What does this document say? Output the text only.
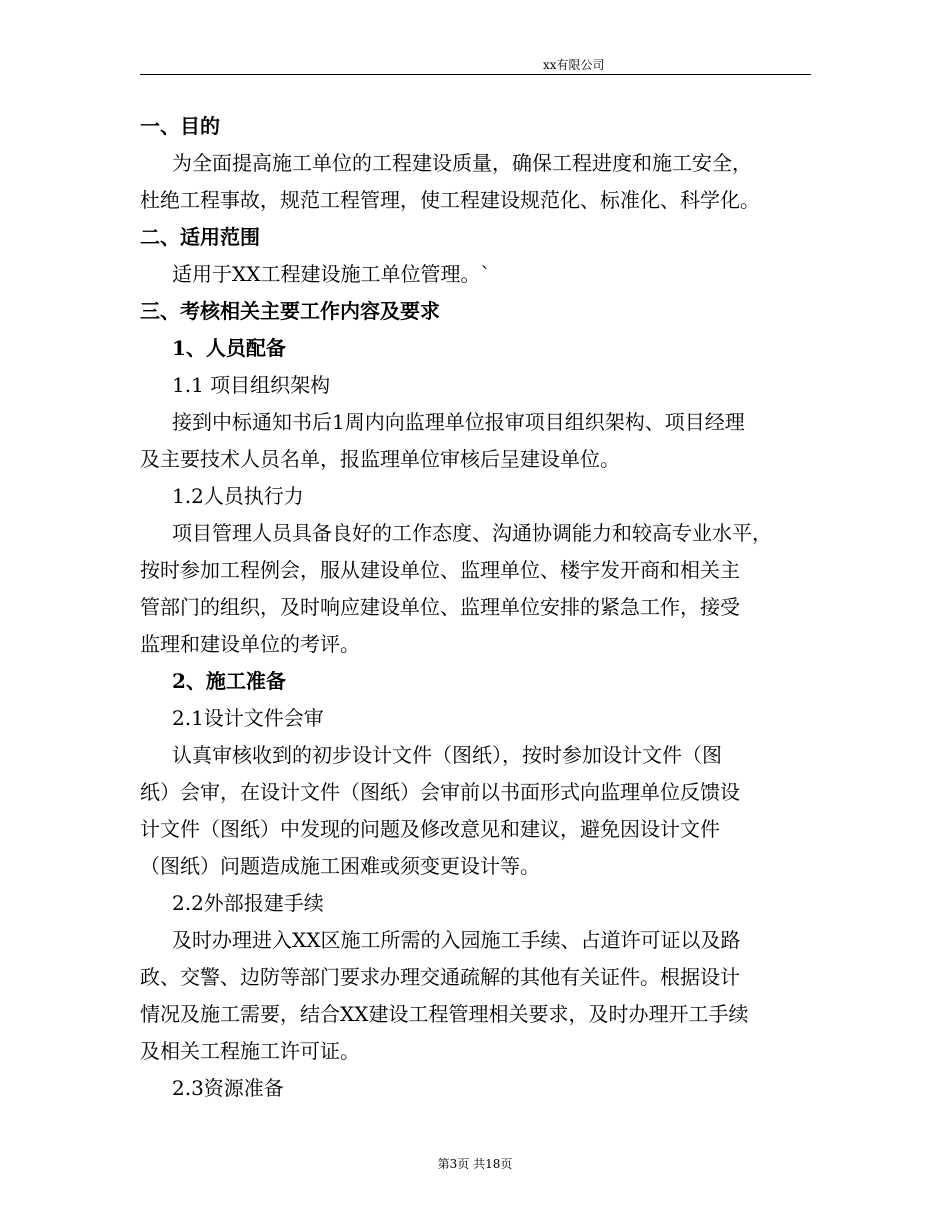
xx有限公司

一、目的

为全面提高施工单位的工程建设质量，确保工程进度和施工安全，

杜绝工程事故，规范工程管理，使工程建设规范化、标准化、科学化。

二、适用范围

适用于XX工程建设施工单位管理。`

三、考核相关主要工作内容及要求

1、人员配备

1.1 项目组织架构

接到中标通知书后1周内向监理单位报审项目组织架构、项目经理

及主要技术人员名单，报监理单位审核后呈建设单位。

1.2人员执行力

项目管理人员具备良好的工作态度、沟通协调能力和较高专业水平，

按时参加工程例会，服从建设单位、监理单位、楼宇发开商和相关主

管部门的组织，及时响应建设单位、监理单位安排的紧急工作，接受

监理和建设单位的考评。

2、施工准备

2.1设计文件会审

认真审核收到的初步设计文件（图纸），按时参加设计文件（图

纸）会审，在设计文件（图纸）会审前以书面形式向监理单位反馈设

计文件（图纸）中发现的问题及修改意见和建议，避免因设计文件

（图纸）问题造成施工困难或须变更设计等。

2.2外部报建手续

及时办理进入XX区施工所需的入园施工手续、占道许可证以及路

政、交警、边防等部门要求办理交通疏解的其他有关证件。根据设计

情况及施工需要，结合XX建设工程管理相关要求，及时办理开工手续

及相关工程施工许可证。

2.3资源准备

第3页 共18页
